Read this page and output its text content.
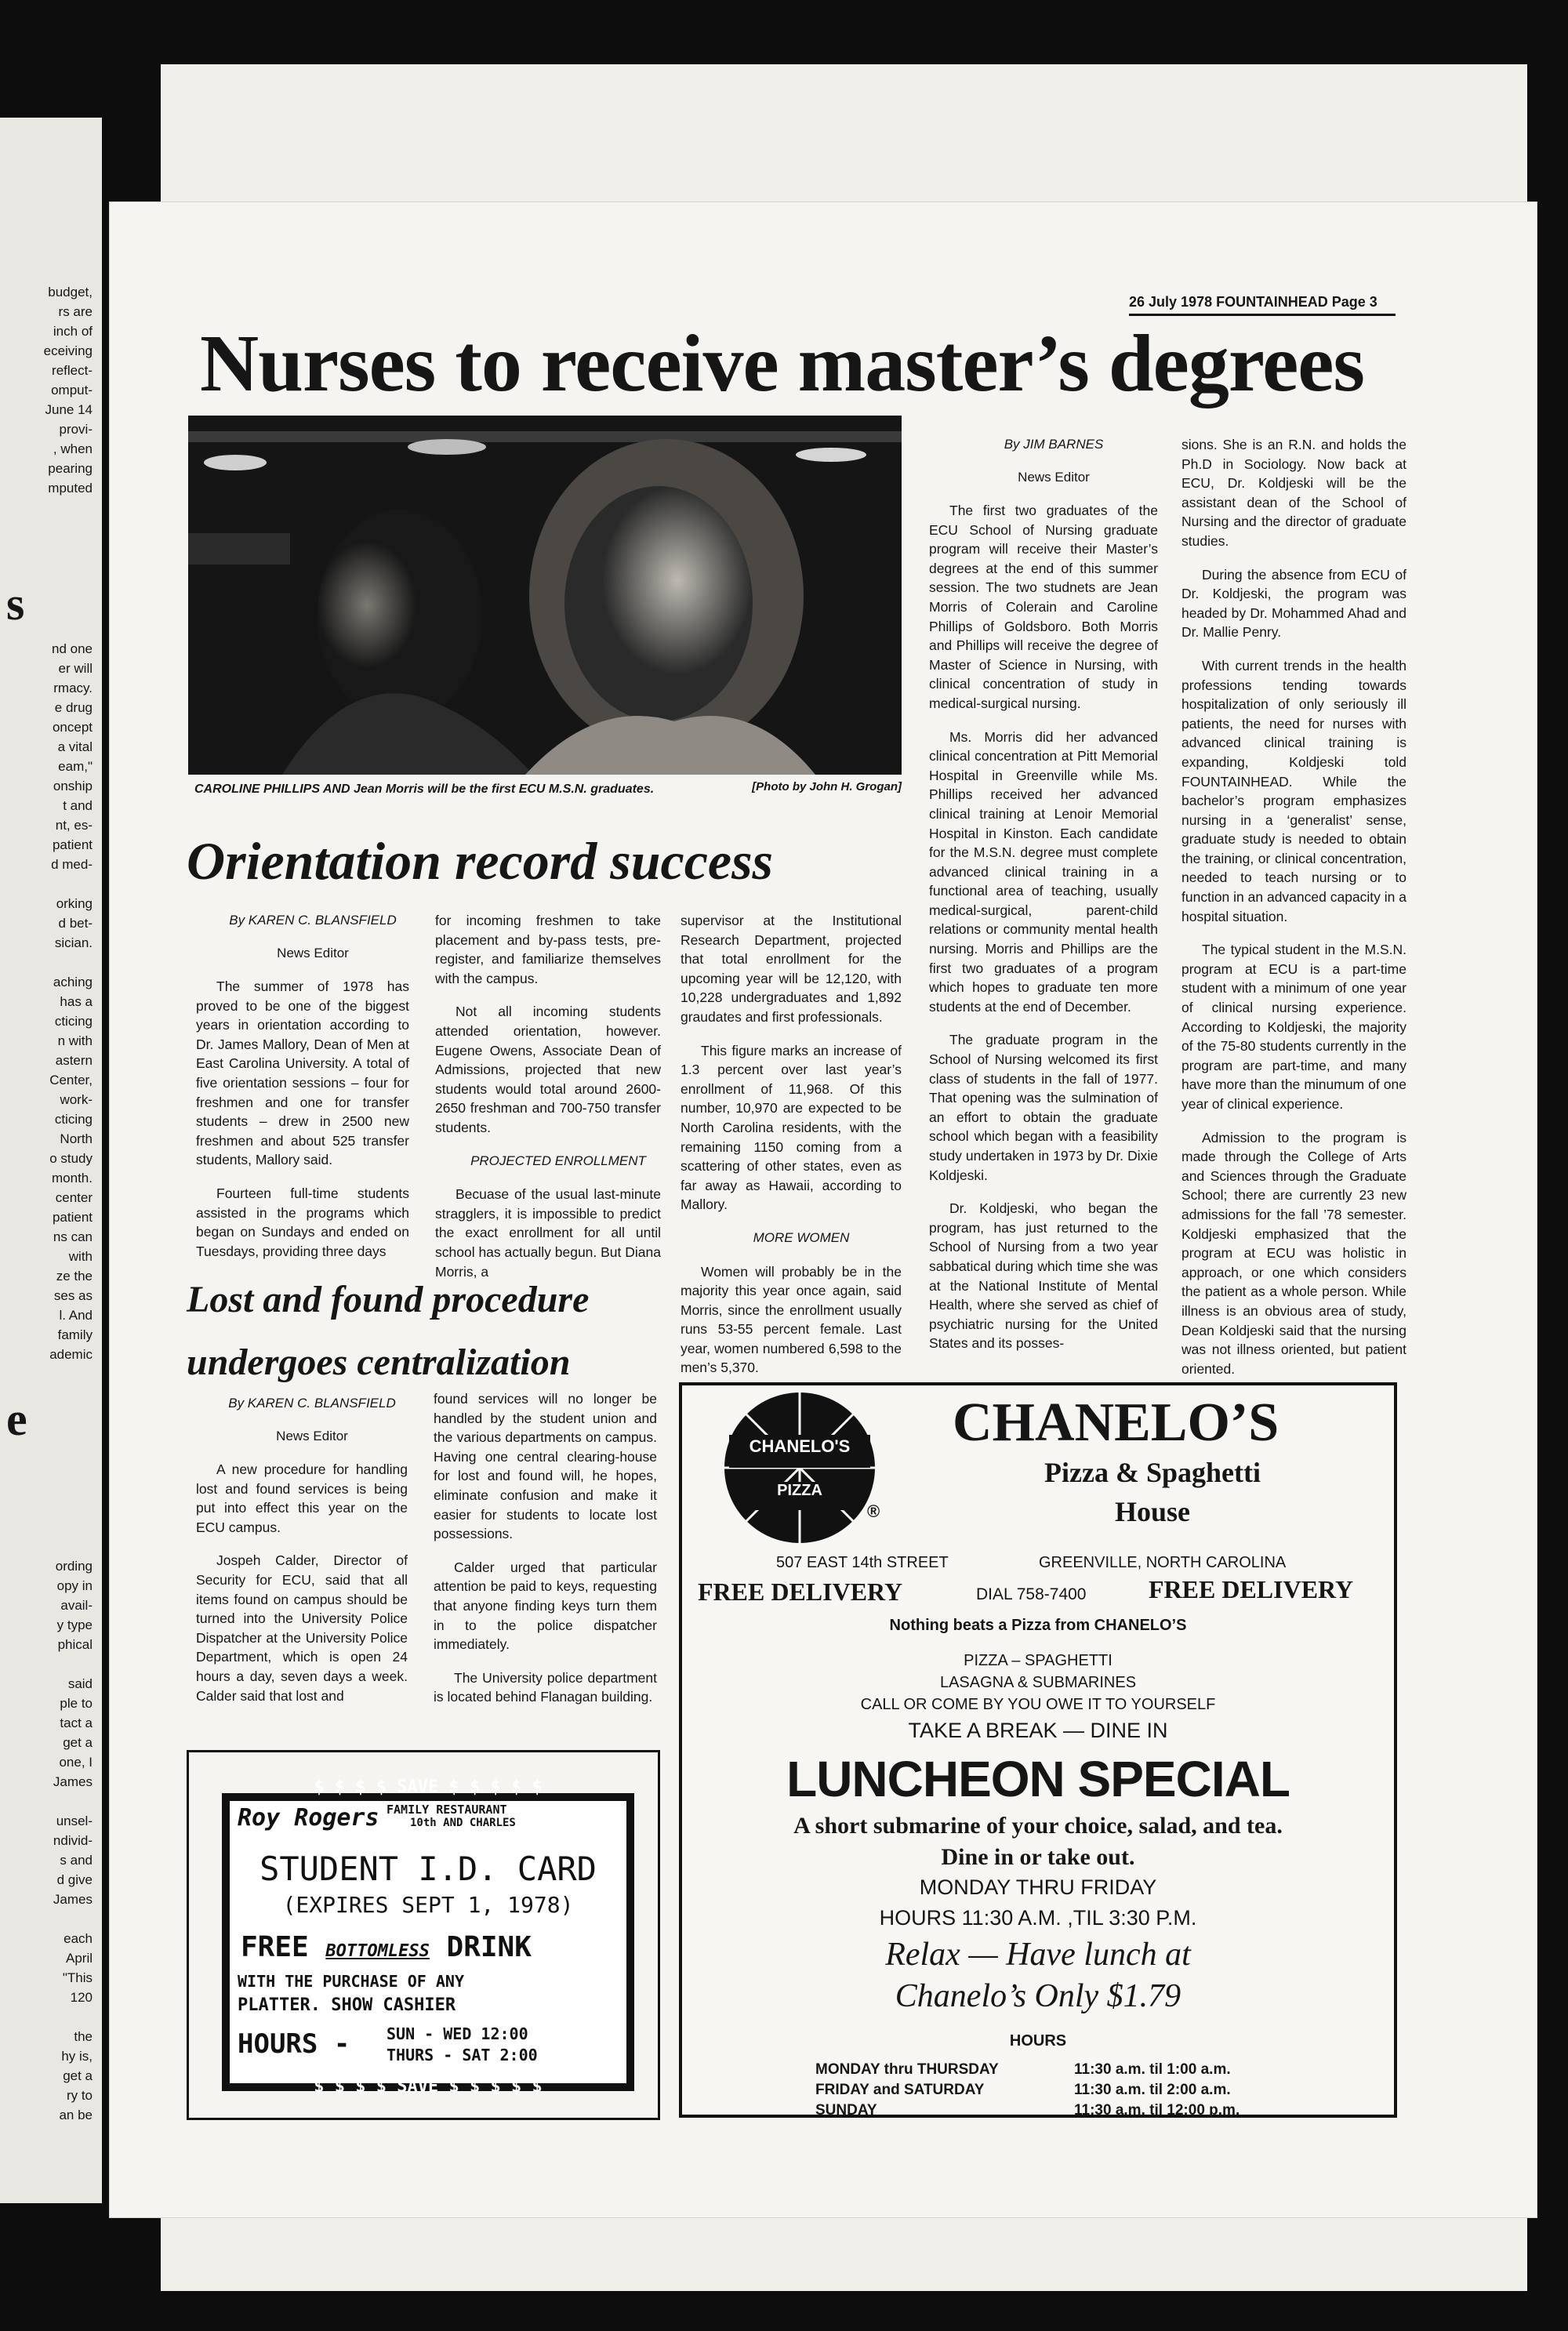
budget,
rs are
inch of
eceiving
reflect-
omput-
June 14
provi-
, when
pearing
mputed
s
nd one
er will
rmacy.
e drug
oncept
a vital
eam,"
onship
t and
nt, es-
patient
d med-
orking
d bet-
sician.
aching
has a
cticing
n with
astern
Center,
work-
cticing
North
o study
month.
center
patient
ns can
with
ze the
ses as
l. And
family
ademic
e
ording
opy in
avail-
y type
phical
said
ple to
tact a
get a
one, I
James
unsel-
ndivid-
s and
d give
James
each
April
"This
120
the
hy is,
get a
ry to
an be
26 July 1978 FOUNTAINHEAD Page 3
Nurses to receive master’s degrees
CAROLINE PHILLIPS AND Jean Morris will be the first ECU M.S.N. graduates.	[Photo by John H. Grogan]

By JIM BARNES

News Editor

The first two graduates of the ECU School of Nursing graduate program will receive their Master’s degrees at the end of this summer session. The two studnets are Jean Morris of Colerain and Caroline Phillips of Goldsboro. Both Morris and Phillips will receive the degree of Master of Science in Nursing, with clinical concentration of study in medical-surgical nursing.

Ms. Morris did her advanced clinical concentration at Pitt Memorial Hospital in Greenville while Ms. Phillips received her advanced clinical training at Lenoir Memorial Hospital in Kinston. Each candidate for the M.S.N. degree must complete advanced clinical training in a functional area of teaching, usually medical-surgical, parent-child relations or community mental health nursing. Morris and Phillips are the first two graduates of a program which hopes to graduate ten more students at the end of December.

The graduate program in the School of Nursing welcomed its first class of students in the fall of 1977. That opening was the sulmination of an effort to obtain the graduate school which began with a feasibility study undertaken in 1973 by Dr. Dixie Koldjeski.

Dr. Koldjeski, who began the program, has just returned to the School of Nursing from a two year sabbatical during which time she was at the National Institute of Mental Health, where she served as chief of psychiatric nursing for the United States and its posses-

sions. She is an R.N. and holds the Ph.D in Sociology. Now back at ECU, Dr. Koldjeski will be the assistant dean of the School of Nursing and the director of graduate studies.

During the absence from ECU of Dr. Koldjeski, the program was headed by Dr. Mohammed Ahad and Dr. Mallie Penry.

With current trends in the health professions tending towards hospitalization of only seriously ill patients, the need for nurses with advanced clinical training is expanding, Koldjeski told FOUNTAINHEAD. While the bachelor’s program emphasizes nursing in a ‘generalist’ sense, graduate study is needed to obtain the training, or clinical concentration, needed to teach nursing or to function in an advanced capacity in a hospital situation.

The typical student in the M.S.N. program at ECU is a part-time student with a minimum of one year of clinical nursing experience. According to Koldjeski, the majority of the 75-80 students currently in the program are part-time, and many have more than the minumum of one year of clinical experience.

Admission to the program is made through the College of Arts and Sciences through the Graduate School; there are currently 23 new admissions for the fall ’78 semester. Koldjeski emphasized that the program at ECU was holistic in approach, or one which considers the patient as a whole person. While illness is an obvious area of study, Dean Koldjeski said that the nursing was not illness oriented, but patient oriented.

Orientation record success

By KAREN C. BLANSFIELD

News Editor

The summer of 1978 has proved to be one of the biggest years in orientation according to Dr. James Mallory, Dean of Men at East Carolina University. A total of five orientation sessions – four for freshmen and one for transfer students – drew in 2500 new freshmen and about 525 transfer students, Mallory said.

Fourteen full-time students assisted in the programs which began on Sundays and ended on Tuesdays, providing three days

for incoming freshmen to take placement and by-pass tests, pre-register, and familiarize themselves with the campus.

Not all incoming students attended orientation, however. Eugene Owens, Associate Dean of Admissions, projected that new students would total around 2600-2650 freshman and 700-750 transfer students.

PROJECTED ENROLLMENT

Becuase of the usual last-minute stragglers, it is impossible to predict the exact enrollment for all until school has actually begun. But Diana Morris, a

supervisor at the Institutional Research Department, projected that total enrollment for the upcoming year will be 12,120, with 10,228 undergraduates and 1,892 graudates and first professionals.

This figure marks an increase of 1.3 percent over last year’s enrollment of 11,968. Of this number, 10,970 are expected to be North Carolina residents, with the remaining 1150 coming from a scattering of other states, even as far away as Hawaii, according to Mallory.

MORE WOMEN

Women will probably be in the majority this year once again, said Morris, since the enrollment usually runs 53-55 percent female. Last year, women numbered 6,598 to the men’s 5,370.

Lost and found procedure
undergoes centralization

By KAREN C. BLANSFIELD

News Editor

A new procedure for handling lost and found services is being put into effect this year on the ECU campus.

Jospeh Calder, Director of Security for ECU, said that all items found on campus should be turned into the University Police Dispatcher at the University Police Department, which is open 24 hours a day, seven days a week. Calder said that lost and

found services will no longer be handled by the student union and the various departments on campus. Having one central clearing-house for lost and found will, he hopes, eliminate confusion and make it easier for students to locate lost possessions.

Calder urged that particular attention be paid to keys, requesting that anyone finding keys turn them in to the police dispatcher immediately.

The University police department is located behind Flanagan building.

$ $ $ $ SAVE $ $ $ $ $
Roy Rogers FAMILY RESTAURANT
10th AND CHARLES
STUDENT I.D. CARD
(EXPIRES SEPT 1, 1978)
FREE BOTTOMLESS DRINK
WITH THE PURCHASE OF ANY
PLATTER. SHOW CASHIER
HOURS - SUN - WED 12:00
THURS - SAT 2:00
$ $ $ $ SAVE $ $ $ $ $
CHANELO'S
PIZZA
®
CHANELO’S
Pizza & Spaghetti
House
507 EAST 14th STREET	GREENVILLE, NORTH CAROLINA
FREE DELIVERY	DIAL 758-7400 FREE DELIVERY
Nothing beats a Pizza from CHANELO’S
PIZZA – SPAGHETTI
LASAGNA & SUBMARINES
CALL OR COME BY YOU OWE IT TO YOURSELF
TAKE A BREAK — DINE IN
LUNCHEON SPECIAL
A short submarine of your choice, salad, and tea.
Dine in or take out.
MONDAY THRU FRIDAY
HOURS 11:30 A.M. ,TIL 3:30 P.M.
Relax — Have lunch at
Chanelo’s Only $1.79
HOURS
MONDAY thru THURSDAY	11:30 a.m. til 1:00 a.m.
FRIDAY and SATURDAY	11:30 a.m. til 2:00 a.m.
SUNDAY	11:30 a.m. til 12:00 p.m.
